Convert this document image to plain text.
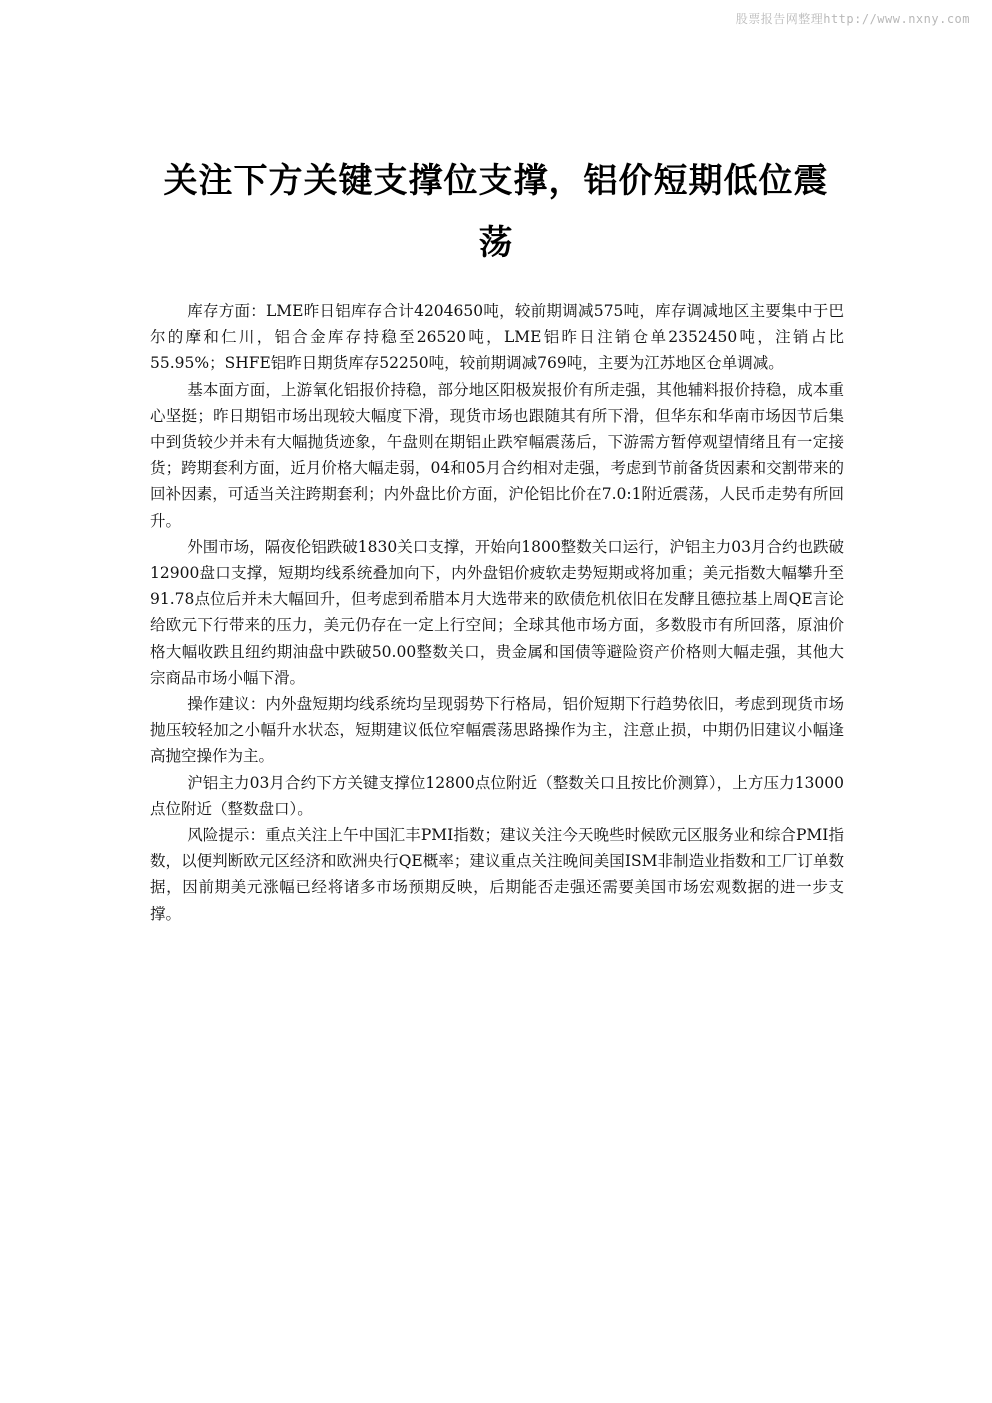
股票报告网整理http://www.nxny.com
关注下方关键支撑位支撑，铝价短期低位震荡

库存方面：LME昨日铝库存合计4204650吨，较前期调减575吨，库存调减地区主要集中于巴尔的摩和仁川，铝合金库存持稳至26520吨，LME铝昨日注销仓单2352450吨，注销占比55.95%；SHFE铝昨日期货库存52250吨，较前期调减769吨，主要为江苏地区仓单调减。

基本面方面，上游氧化铝报价持稳，部分地区阳极炭报价有所走强，其他辅料报价持稳，成本重心坚挺；昨日期铝市场出现较大幅度下滑，现货市场也跟随其有所下滑，但华东和华南市场因节后集中到货较少并未有大幅抛货迹象，午盘则在期铝止跌窄幅震荡后，下游需方暂停观望情绪且有一定接货；跨期套利方面，近月价格大幅走弱，04和05月合约相对走强，考虑到节前备货因素和交割带来的回补因素，可适当关注跨期套利；内外盘比价方面，沪伦铝比价在7.0:1附近震荡，人民币走势有所回升。

外围市场，隔夜伦铝跌破1830关口支撑，开始向1800整数关口运行，沪铝主力03月合约也跌破12900盘口支撑，短期均线系统叠加向下，内外盘铝价疲软走势短期或将加重；美元指数大幅攀升至91.78点位后并未大幅回升，但考虑到希腊本月大选带来的欧债危机依旧在发酵且德拉基上周QE言论给欧元下行带来的压力，美元仍存在一定上行空间；全球其他市场方面，多数股市有所回落，原油价格大幅收跌且纽约期油盘中跌破50.00整数关口，贵金属和国债等避险资产价格则大幅走强，其他大宗商品市场小幅下滑。

操作建议：内外盘短期均线系统均呈现弱势下行格局，铝价短期下行趋势依旧，考虑到现货市场抛压较轻加之小幅升水状态，短期建议低位窄幅震荡思路操作为主，注意止损，中期仍旧建议小幅逢高抛空操作为主。

沪铝主力03月合约下方关键支撑位12800点位附近（整数关口且按比价测算），上方压力13000点位附近（整数盘口）。

风险提示：重点关注上午中国汇丰PMI指数；建议关注今天晚些时候欧元区服务业和综合PMI指数，以便判断欧元区经济和欧洲央行QE概率；建议重点关注晚间美国ISM非制造业指数和工厂订单数据，因前期美元涨幅已经将诸多市场预期反映，后期能否走强还需要美国市场宏观数据的进一步支撑。
